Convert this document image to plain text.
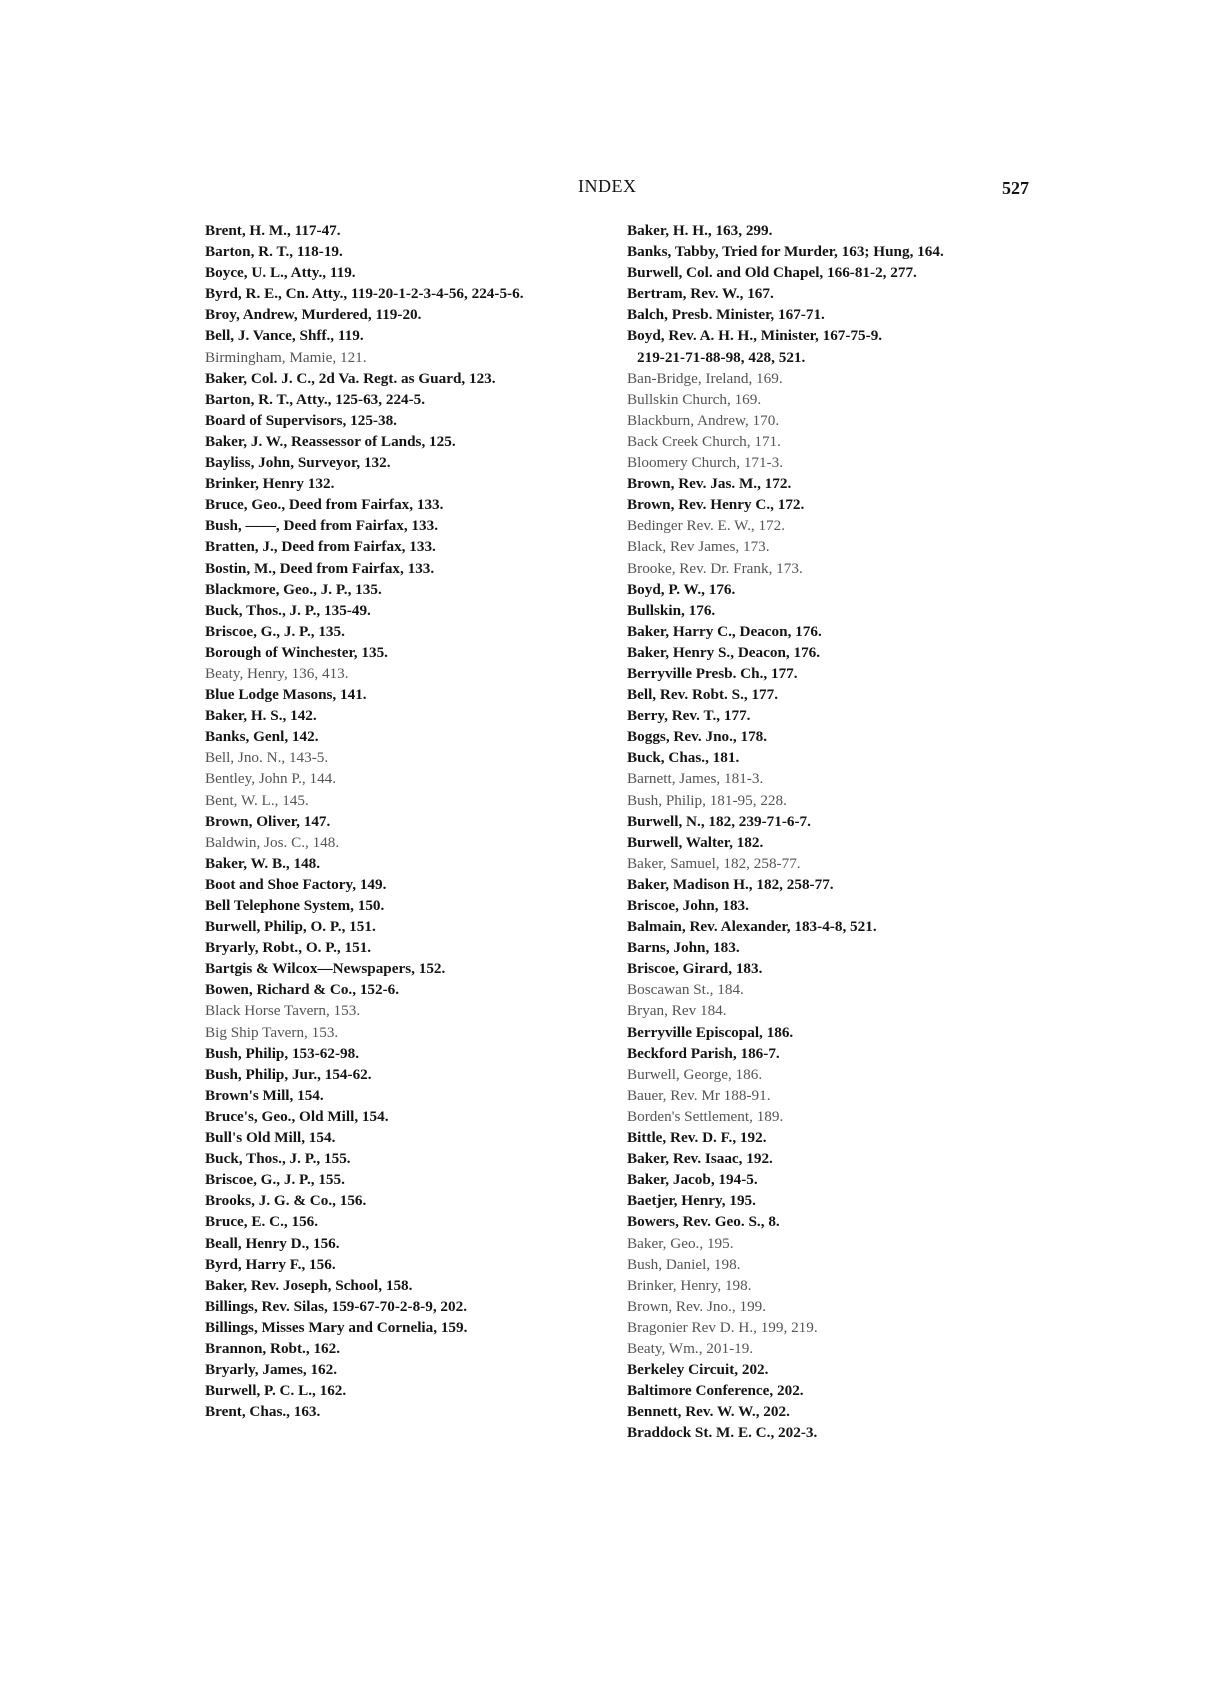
INDEX	527
Brent, H. M., 117-47.
Barton, R. T., 118-19.
Boyce, U. L., Atty., 119.
Byrd, R. E., Cn. Atty., 119-20-1-2-3-4-56, 224-5-6.
Broy, Andrew, Murdered, 119-20.
Bell, J. Vance, Shff., 119.
Birmingham, Mamie, 121.
Baker, Col. J. C., 2d Va. Regt. as Guard, 123.
Barton, R. T., Atty., 125-63, 224-5.
Board of Supervisors, 125-38.
Baker, J. W., Reassessor of Lands, 125.
Bayliss, John, Surveyor, 132.
Brinker, Henry 132.
Bruce, Geo., Deed from Fairfax, 133.
Bush, ——, Deed from Fairfax, 133.
Bratten, J., Deed from Fairfax, 133.
Bostin, M., Deed from Fairfax, 133.
Blackmore, Geo., J. P., 135.
Buck, Thos., J. P., 135-49.
Briscoe, G., J. P., 135.
Borough of Winchester, 135.
Beaty, Henry, 136, 413.
Blue Lodge Masons, 141.
Baker, H. S., 142.
Banks, Genl, 142.
Bell, Jno. N., 143-5.
Bentley, John P., 144.
Bent, W. L., 145.
Brown, Oliver, 147.
Baldwin, Jos. C., 148.
Baker, W. B., 148.
Boot and Shoe Factory, 149.
Bell Telephone System, 150.
Burwell, Philip, O. P., 151.
Bryarly, Robt., O. P., 151.
Bartgis & Wilcox—Newspapers, 152.
Bowen, Richard & Co., 152-6.
Black Horse Tavern, 153.
Big Ship Tavern, 153.
Bush, Philip, 153-62-98.
Bush, Philip, Jur., 154-62.
Brown's Mill, 154.
Bruce's, Geo., Old Mill, 154.
Bull's Old Mill, 154.
Buck, Thos., J. P., 155.
Briscoe, G., J. P., 155.
Brooks, J. G. & Co., 156.
Bruce, E. C., 156.
Beall, Henry D., 156.
Byrd, Harry F., 156.
Baker, Rev. Joseph, School, 158.
Billings, Rev. Silas, 159-67-70-2-8-9, 202.
Billings, Misses Mary and Cornelia, 159.
Brannon, Robt., 162.
Bryarly, James, 162.
Burwell, P. C. L., 162.
Brent, Chas., 163.
Baker, H. H., 163, 299.
Banks, Tabby, Tried for Murder, 163; Hung, 164.
Burwell, Col. and Old Chapel, 166-81-2, 277.
Bertram, Rev. W., 167.
Balch, Presb. Minister, 167-71.
Boyd, Rev. A. H. H., Minister, 167-75-9.
219-21-71-88-98, 428, 521.
Ban-Bridge, Ireland, 169.
Bullskin Church, 169.
Blackburn, Andrew, 170.
Back Creek Church, 171.
Bloomery Church, 171-3.
Brown, Rev. Jas. M., 172.
Brown, Rev. Henry C., 172.
Bedinger Rev. E. W., 172.
Black, Rev James, 173.
Brooke, Rev. Dr. Frank, 173.
Boyd, P. W., 176.
Bullskin, 176.
Baker, Harry C., Deacon, 176.
Baker, Henry S., Deacon, 176.
Berryville Presb. Ch., 177.
Bell, Rev. Robt. S., 177.
Berry, Rev. T., 177.
Boggs, Rev. Jno., 178.
Buck, Chas., 181.
Barnett, James, 181-3.
Bush, Philip, 181-95, 228.
Burwell, N., 182, 239-71-6-7.
Burwell, Walter, 182.
Baker, Samuel, 182, 258-77.
Baker, Madison H., 182, 258-77.
Briscoe, John, 183.
Balmain, Rev. Alexander, 183-4-8, 521.
Barns, John, 183.
Briscoe, Girard, 183.
Boscawan St., 184.
Bryan, Rev 184.
Berryville Episcopal, 186.
Beckford Parish, 186-7.
Burwell, George, 186.
Bauer, Rev. Mr 188-91.
Borden's Settlement, 189.
Bittle, Rev. D. F., 192.
Baker, Rev. Isaac, 192.
Baker, Jacob, 194-5.
Baetjer, Henry, 195.
Bowers, Rev. Geo. S., 8.
Baker, Geo., 195.
Bush, Daniel, 198.
Brinker, Henry, 198.
Brown, Rev. Jno., 199.
Bragonier Rev D. H., 199, 219.
Beaty, Wm., 201-19.
Berkeley Circuit, 202.
Baltimore Conference, 202.
Bennett, Rev. W. W., 202.
Braddock St. M. E. C., 202-3.
